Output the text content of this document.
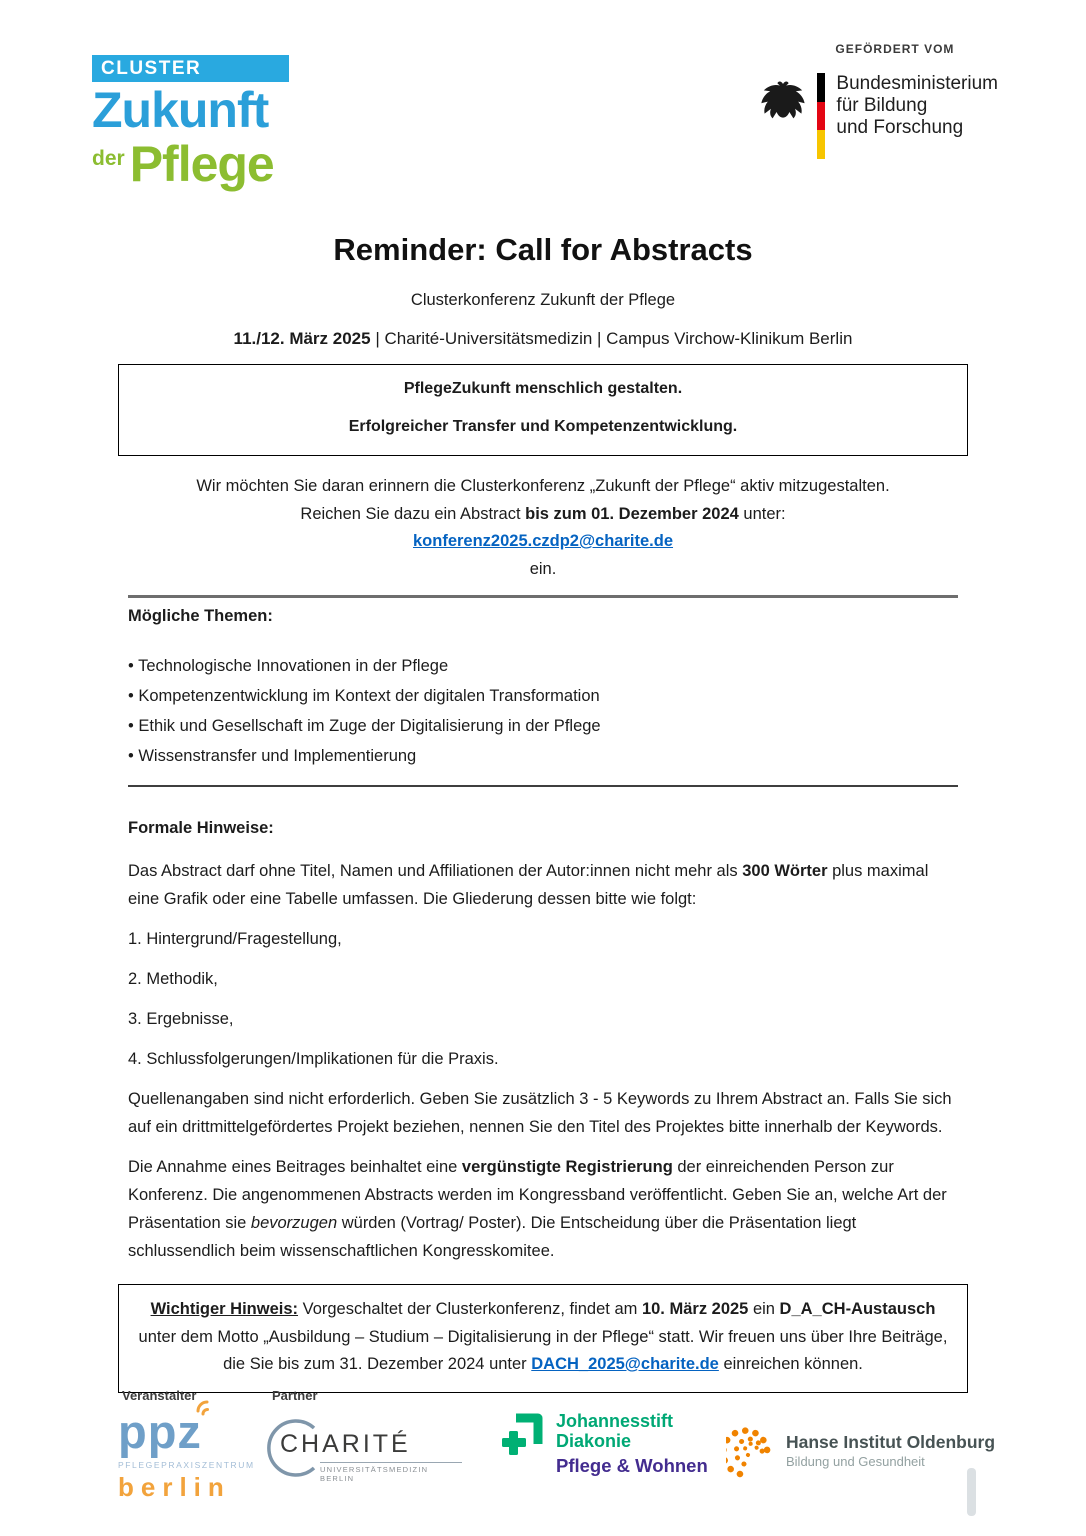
CLUSTER
Zukunft
der Pflege
GEFÖRDERT VOM
Bundesministerium
für Bildung
und Forschung
Reminder: Call for Abstracts
Clusterkonferenz Zukunft der Pflege
11./12. März 2025 | Charité-Universitätsmedizin | Campus Virchow-Klinikum Berlin
PflegeZukunft menschlich gestalten.
Erfolgreicher Transfer und Kompetenzentwicklung.
Wir möchten Sie daran erinnern die Clusterkonferenz „Zukunft der Pflege“ aktiv mitzugestalten.
Reichen Sie dazu ein Abstract bis zum 01. Dezember 2024 unter:
konferenz2025.czdp2@charite.de
ein.
Mögliche Themen:
• Technologische Innovationen in der Pflege
• Kompetenzentwicklung im Kontext der digitalen Transformation
• Ethik und Gesellschaft im Zuge der Digitalisierung in der Pflege
• Wissenstransfer und Implementierung
Formale Hinweise:

Das Abstract darf ohne Titel, Namen und Affiliationen der Autor:innen nicht mehr als 300 Wörter plus maximal eine Grafik oder eine Tabelle umfassen. Die Gliederung dessen bitte wie folgt:

1. Hintergrund/Fragestellung,

2. Methodik,

3. Ergebnisse,

4. Schlussfolgerungen/Implikationen für die Praxis.

Quellenangaben sind nicht erforderlich. Geben Sie zusätzlich 3 - 5 Keywords zu Ihrem Abstract an. Falls Sie sich auf ein drittmittelgefördertes Projekt beziehen, nennen Sie den Titel des Projektes bitte innerhalb der Keywords.

Die Annahme eines Beitrages beinhaltet eine vergünstigte Registrierung der einreichenden Person zur Konferenz. Die angenommenen Abstracts werden im Kongressband veröffentlicht. Geben Sie an, welche Art der Präsentation sie bevorzugen würden (Vortrag/ Poster). Die Entscheidung über die Präsentation liegt schlussendlich beim wissenschaftlichen Kongresskomitee.

Wichtiger Hinweis: Vorgeschaltet der Clusterkonferenz, findet am 10. März 2025 ein D_A_CH-Austausch unter dem Motto „Ausbildung – Studium – Digitalisierung in der Pflege“ statt. Wir freuen uns über Ihre Beiträge, die Sie bis zum 31. Dezember 2024 unter DACH_2025@charite.de einreichen können.
Veranstalter	Partner
ppz
PFLEGEPRAXISZENTRUM
berlin
CHARITÉ
UNIVERSITÄTSMEDIZIN BERLIN
Johannesstift
Diakonie
Pflege & Wohnen
Hanse Institut Oldenburg
Bildung und Gesundheit
